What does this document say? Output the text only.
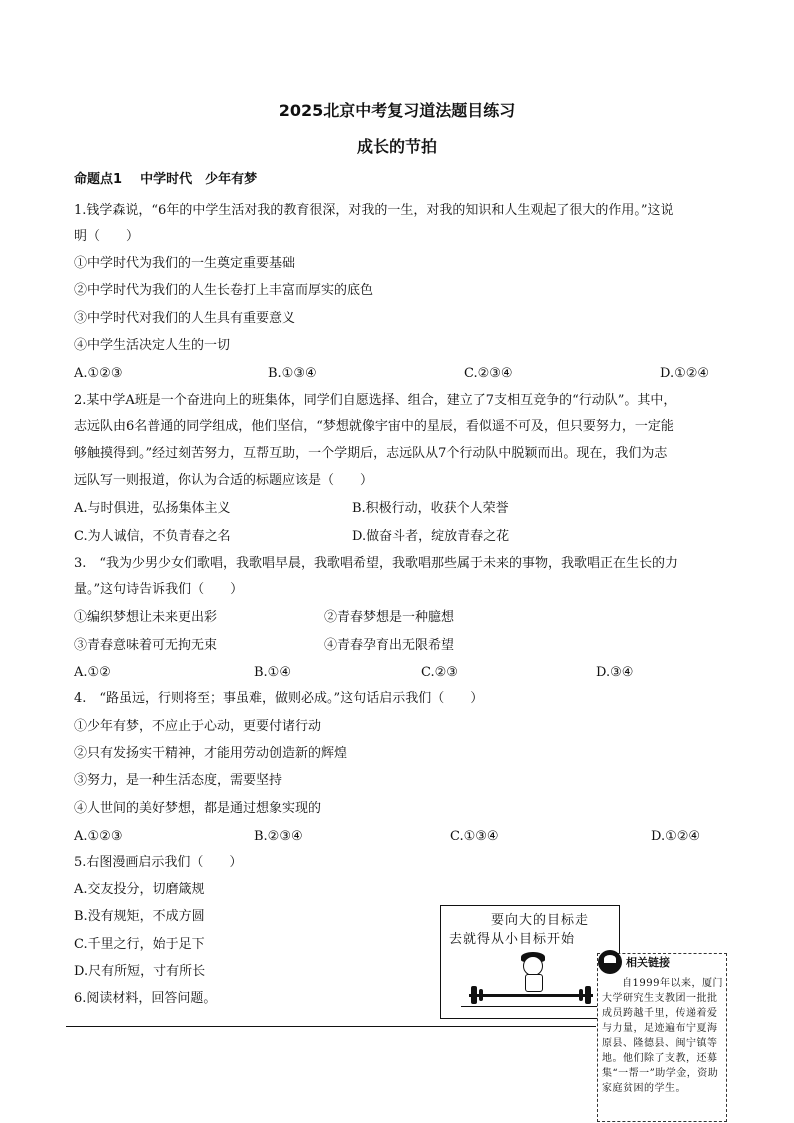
2025北京中考复习道法题目练习
成长的节拍
命题点1 中学时代　少年有梦
1.钱学森说，“6年的中学生活对我的教育很深，对我的一生，对我的知识和人生观起了很大的作用。”这说
明（　　）
①中学时代为我们的一生奠定重要基础
②中学时代为我们的人生长卷打上丰富而厚实的底色
③中学时代对我们的人生具有重要意义
④中学生活决定人生的一切
A.①②③	B.①③④	C.②③④	D.①②④
2.某中学A班是一个奋进向上的班集体，同学们自愿选择、组合，建立了7支相互竞争的“行动队”。其中，
志远队由6名普通的同学组成，他们坚信，“梦想就像宇宙中的星辰，看似遥不可及，但只要努力，一定能
够触摸得到。”经过刻苦努力，互帮互助，一个学期后，志远队从7个行动队中脱颖而出。现在，我们为志
远队写一则报道，你认为合适的标题应该是（　　）
A.与时俱进，弘扬集体主义	B.积极行动，收获个人荣誉
C.为人诚信，不负青春之名	D.做奋斗者，绽放青春之花
3.　“我为少男少女们歌唱，我歌唱早晨，我歌唱希望，我歌唱那些属于未来的事物，我歌唱正在生长的力
量。”这句诗告诉我们（　　）
①编织梦想让未来更出彩	②青春梦想是一种臆想
③青春意味着可无拘无束	④青春孕育出无限希望
A.①②	B.①④	C.②③	D.③④
4.　“路虽远，行则将至；事虽难，做则必成。”这句话启示我们（　　）
①少年有梦，不应止于心动，更要付诸行动
②只有发扬实干精神，才能用劳动创造新的辉煌
③努力，是一种生活态度，需要坚持
④人世间的美好梦想，都是通过想象实现的
A.①②③	B.②③④	C.①③④	D.①②④
5.右图漫画启示我们（　　）
A.交友投分，切磨箴规
B.没有规矩，不成方圆
C.千里之行，始于足下
D.尺有所短，寸有所长
6.阅读材料，回答问题。
要向大的目标走
去就得从小目标开始
相关链接
自1999年以来，厦门大学研究生支教团一批批成员跨越千里，传递着爱与力量，足迹遍布宁夏海原县、隆德县、闽宁镇等地。他们除了支教，还募集“一帮一”助学金，资助家庭贫困的学生。
